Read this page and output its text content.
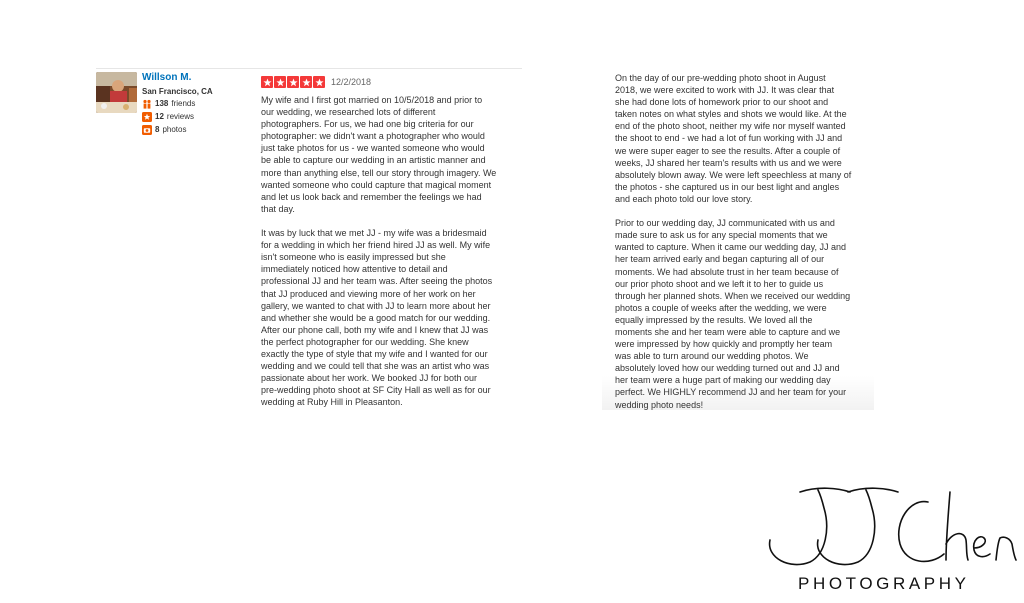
Willson M.
San Francisco, CA
138 friends
12 reviews
8 photos
12/2/2018

My wife and I first got married on 10/5/2018 and prior to
our wedding, we researched lots of different
photographers. For us, we had one big criteria for our
photographer: we didn't want a photographer who would
just take photos for us - we wanted someone who would
be able to capture our wedding in an artistic manner and
more than anything else, tell our story through imagery. We
wanted someone who could capture that magical moment
and let us look back and remember the feelings we had
that day.

It was by luck that we met JJ - my wife was a bridesmaid
for a wedding in which her friend hired JJ as well. My wife
isn't someone who is easily impressed but she
immediately noticed how attentive to detail and
professional JJ and her team was. After seeing the photos
that JJ produced and viewing more of her work on her
gallery, we wanted to chat with JJ to learn more about her
and whether she would be a good match for our wedding.
After our phone call, both my wife and I knew that JJ was
the perfect photographer for our wedding. She knew
exactly the type of style that my wife and I wanted for our
wedding and we could tell that she was an artist who was
passionate about her work. We booked JJ for both our
pre-wedding photo shoot at SF City Hall as well as for our
wedding at Ruby Hill in Pleasanton.

On the day of our pre-wedding photo shoot in August
2018, we were excited to work with JJ. It was clear that
she had done lots of homework prior to our shoot and
taken notes on what styles and shots we would like. At the
end of the photo shoot, neither my wife nor myself wanted
the shoot to end - we had a lot of fun working with JJ and
we were super eager to see the results. After a couple of
weeks, JJ shared her team's results with us and we were
absolutely blown away. We were left speechless at many of
the photos - she captured us in our best light and angles
and each photo told our love story.

Prior to our wedding day, JJ communicated with us and
made sure to ask us for any special moments that we
wanted to capture. When it came our wedding day, JJ and
her team arrived early and began capturing all of our
moments. We had absolute trust in her team because of
our prior photo shoot and we left it to her to guide us
through her planned shots. When we received our wedding
photos a couple of weeks after the wedding, we were
equally impressed by the results. We loved all the
moments she and her team were able to capture and we
were impressed by how quickly and promptly her team
was able to turn around our wedding photos. We
absolutely loved how our wedding turned out and JJ and
her team were a huge part of making our wedding day
perfect. We HIGHLY recommend JJ and her team for your
wedding photo needs!

PHOTOGRAPHY
